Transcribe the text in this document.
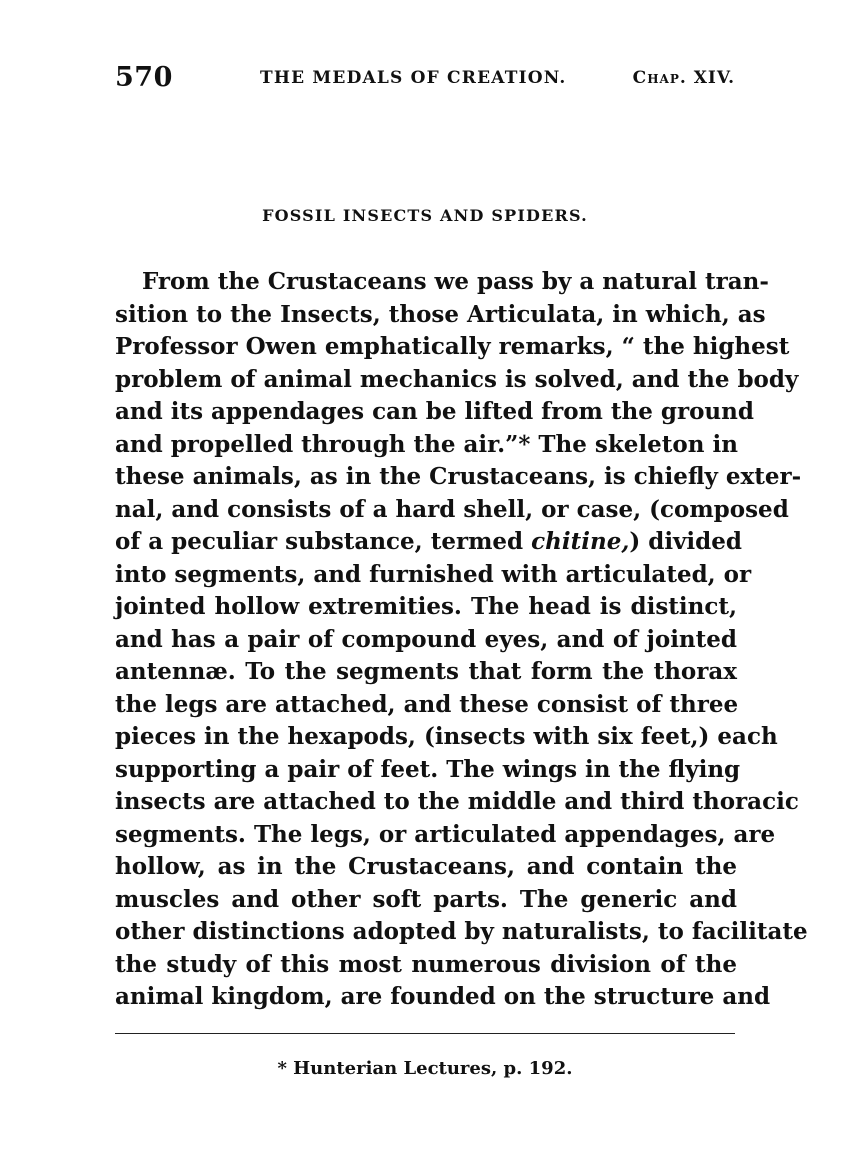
570	THE MEDALS OF CREATION.	Chap. XIV.
FOSSIL INSECTS AND SPIDERS.
From the Crustaceans we pass by a natural tran-
sition to the Insects, those Articulata, in which, as
Professor Owen emphatically remarks, “ the highest
problem of animal mechanics is solved, and the body
and its appendages can be lifted from the ground
and propelled through the air.”* The skeleton in
these animals, as in the Crustaceans, is chiefly exter-
nal, and consists of a hard shell, or case, (composed
of a peculiar substance, termed chitine,) divided
into segments, and furnished with articulated, or
jointed hollow extremities. The head is distinct,
and has a pair of compound eyes, and of jointed
antennæ. To the segments that form the thorax
the legs are attached, and these consist of three
pieces in the hexapods, (insects with six feet,) each
supporting a pair of feet. The wings in the flying
insects are attached to the middle and third thoracic
segments. The legs, or articulated appendages, are
hollow, as in the Crustaceans, and contain the
muscles and other soft parts. The generic and
other distinctions adopted by naturalists, to facilitate
the study of this most numerous division of the
animal kingdom, are founded on the structure and
* Hunterian Lectures, p. 192.
